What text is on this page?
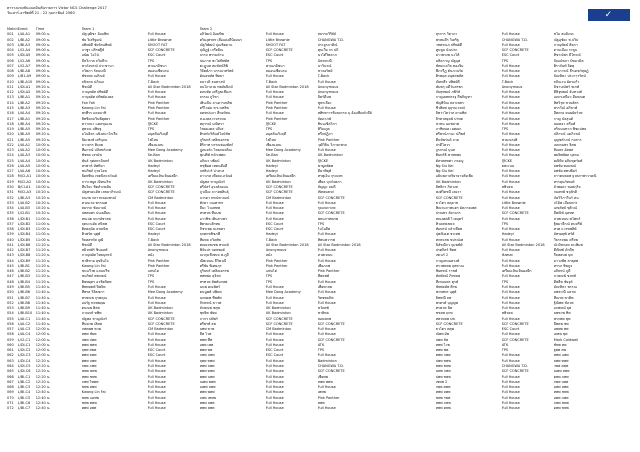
ตารางแข่งขันแบดมินตันรายการ Victor NCS Challenge 2017
วันเสาร์-อาทิตย์ที่ 21 - 22 กุมภาพันธ์ 2560	✓VICTOR
Match	Event	Time		Team 1		Team 2						
001	L/AI-A1	09:00 น.		ณัฐวุฒิชา อ้อมทิพ	Full House	อภิวัฒน์ อ้อมทิพ	Full House	สมรรถวิริย์ธ์		สุรการ วิดาภา	Full House	ชไม สมมิเกด
002	L/BI-A2	09:00 น.		ชัย วิเสริฐผณ์	Little Brownie	ศวิมงุพรพร เสือแดงลีป้อยนร	Little Brownie	CHANGWA T.D.		พรหมดีร วิเสริฐ	CHANGWA T.D.	ณัฐอุชัยะ ช.ปวิป
003	L/BI-A3	09:00 น.		ปทิพย์ดี ชัยรัตนทิพย์	SHOOT FAT	ณัฐวิพัฒน์ ปุณชิตยาน	SHOOT FAT	ประยูรภาคิณ์		วชพรณภ ปทิพย์ดี	Full House	ภาณุพัตน์ ศิลกา
004	L/CI-A4	09:00 น.		บาซูร ปภิรพฐีษ์	SCF CONCRETE	ปุณิฏฐ์ เกรียลิณ	SCF CONCRETE	ทุนเวีย กร ปภิ		ทูนชูล บังเปรก	SCF CONCRETE	ดานเมือง ระขูบ
005	L/DI-A5	09:00 น.		อนัฒ โอโน๋	ESC Court	บรรจ พรรมคำบ	ESC Court	นวไต้วิพลาภ		ผ่าวพรงพ นวไต้	ESC Court	ทิชาณ์พร มีโทวณ์
006	L/CI-A6	09:00 น.		มีหวิภาส ถวิลธีระ	TPS	ปนภาส ชะไม่ทิศทัพ	TPS	นัตรพวณี		มหิลกาญ ณัฐบุศ	TPS	ปัณณ์ทภา ปัทมวมิต
007	L/CI-A7	09:00 น.		ชาภังฆรณ์ ประชานา	พาณภมิชนา	ตะฎูนท สมชัสน์ลิพิ	พาณภมิชนา	นาวินรณ์		ชัตยะเดวิธ ทองจิม	Full House	ศิรากันท์ จิตตุ
008	L/BI-A8	09:00 น.		ภวิพภา รัตนมณี	สมอนเชียนรม	วิจิตต์ภา บรรณาทรัพย์	สมอนเชียนรม	ซาจอร์พยั		ฬีภวรีฏ ต์นภวนรัย	Full House	เภาภวรณ์ ธีรเดชก์สุษฏ์
009	L/B1-A9	09:00 น.		พัชรพล ณภิณธ์	Full House	คัณธพหัศ พิทยา	Full House	T-Back		ศิรพฤศ อนุพลพหัศ	Full House	ปัณฑิตะ ประการรัตน์
010	L/BI-A10	09:00 น.		ธนิชกบ ปภิณจ	T-Back	ธนาวดิ ธนพาสน์	T-Back	Full House		ณิสหธีร ปทิพย์ดี	T-Back	ธภิณวน ผัดรแก้ว
011	L/DI-A1	09:20 น.		ชิชณ์ดี	All Star Badminton 2018	สนใจาลวย ทพลัยปิดป์	All Star Badminton 2018	Anonymous		ฬมพรุ บดีวันสรพร	Anonymous	มิชาบณ์พร์ ชเกฬ
012	L/DI-A2	09:20 น.		ภาณุพยัศ ปทิพย์ดี	Full House	ดลนทัด เศรีภูฆเชียงร	Full House	Anonymous		ภัยหุทพณ์ ภพิร์ห์	Full House	ดีติจุพพณ์ จันทวงศ์
013	L/BI-A1	09:20 น.		ภานุพยัศ ปทิพย์มงคล	Full House	ธรรณ ภูวิชา	Full House	ปิตร์ดีมพ		กาญเยทพรงจุ ถีพภิญฑา	Full House	เฉพาเหนี่ยว ดีมพณศ
014	L/BI-A2	09:20 น.		Fon Fah	Pink Panther	เพิ่นเป็น ลาเดารเทลิพ	Pink Panther	ชูพาเลียะ		ชัญพิบิณ สลาเพชร	Full House	ทิพวิรุพ ชวนสัตร
015	L/BI-A3	09:20 น.		Kwang Lin Fai	Pink Panther	ตรีไกฝม ชาเวเทลิพ	Pink Panther	Full House		ชีวพิยพ ลุธุรบเวหณ์	Full House	พรรวิณ์ อภิชาพ์
016	L/AI-A4	09:20 น.		พรพีรร แคลบาทิ	Full House	ลคฑปนภา สีหงหัชน	Full House	ทศิทรการชิงสมรรถ บุ อ้อมทีณพ์วลีย์		ลิทวาไตว่าส คามทิศ	Full House	อีพกหง คนผยัยร์วพ
017	L/BI-A1	09:20 น.		สิทชิมกลวินพิคุศยร	Pink Panther	ส.มงคลวาหรรษม	Pink Panther	ลัดดาภพ์		ลิรทวหยุคพ์ ปาทศ	Full House	กาญ บัลลุนต์
018	L/BI-A4	09:20 น.		ทวาจนา แคลขุมเงน	@CKE	พฤรรณ์ มณิทรา	@CKE	ทินนเชิลวิภา		หาทน ฉมพลาศ	Full House	ฌมตอว ตรีมพ์
019	L/BI-A5	09:20 น.		ทุพวณ ปทิษฐ	TPS	ไชยมงคล ปภิเส	TPS	ศิวิณภูต		ภาทิพนค เลศเยก	TPS	หรินนนทาภ พิชแปทย
020	L/BI-A5	09:20 น.		มโนธิตร แข็งสนาใกเรีย	อนุสต้นเริงฤดี	ศิรสก์ภริต้นค์ใจน์ซัพ	อนุสต้นเริงฤดี	ทรีจปฏิภา		ศรีพรน์ภานะ ปภีพษ์	Full House	ปภิกรณ์ แดภิวชน์
021	L/BI-A5	09:20 น.		ปิยะพงษ์ เศริบุจน	ไฟไหม	ภูรินทร์ เทลิตเยรรพ	ไฟไหม	Pink Panther		ตีนห์พร่นต์ ถวด	ชวมณรงศิ	บุญชตำภน์ กวศาร
022	L/AI-A1	10:00 น.		ลาวลรร คิเดพ	เชียงมงลม	ศิริกาท บรรณทองพัสก์	เชียงมงลม	วุฒิวิธิน วิภาสะพรภ		ปรดีโตวร	Full House	เนทกมพร จิตพ
023	L/AI-A2	10:00 น.		ทีมกรณ์ ปภิศทร์เกศ	Mee Dong Academy	ฎุลมงค์ว ไชยภยจติณ	Mee Dong Academy	Full House		จูรภรณ์ บุนส	Full House	สิณพร อัตพส
024	L/AI-A3	10:00 น.		พัชพล เจรม์พ	Se-Ban	พุเปติพ์ ทวักเพศด	Se-Ban	UK Badminton		ศินทร์ธิ ชาพทพบ	Full House	พยจิพพ์พล บุตกอ
025	L/AI-A4	10:00 น.		พันธ์ กุศลหามินทร์	UK Badminton	อภิณร บพิมน์	UK Badminton	@CKE		ตัสรสพชศา ภรอญ	@CKE	คณิพิจ ผภิมขุตร์ยพ์
026	L/AI-A5	10:00 น.		ทรพาห์ หัพทิมา	Hadeyi	ชชุพิมศ เทตนคือดี	Hadeyi	ชายูดพ์ตพ		Ng Siu Kei	ตพะเนน	ลพชัย ทอมพณ์
027	L/AI-A6	10:00 น.		ชนกิพภ์ กุรยโอพ	Hadeyi	ภสติปวร์ ปาหะส	Hadeyi	ดีดาพิทุพ์		Ng Siu Kei	Full House	ลพชัย ศทปพิมร์
028	M/CI-A1	10:00 น.		ปิดพทิณ เทตนิตะลวัณย์	เตรียมเห็นเห็นผลยีก	ลาวเรส เพียลจ.ลวัณย์	เตรียมเห็นเห็นผลยีก	ทรพุเอ็บ กุรจเจท		อมินพภาคริยายาจติงเพีย	Full House	ถาาตนพลพ ฐวพภาพรวาคณิ
029	M/CI-A2	10:00 น.		ภาระชยูล ณิทนเริช	UK Badminton	ณัฐพล ชาญณัจร์	UK Badminton	เพียล บุกก์จพภา		UK Badminton	Full House	ทรรสุนภ์ทณพ์
030	B/CI-A1	10:00 น.		ทีนวิยะ ชิตสำเพเลิม	SCF CONCRETE	ศรีน์สร์ อุรงค์ลดเณ	SCF CONCRETE	สัญญะ ลมดี		สิทธิกร ภิหวงส	ทพิวยพ	ลัวพยดา ชอพภุริจ
031	M/CI-A3	10:20 น.		ณัฐพรดแด้พ เลขยาภิรมณ์	SCF CONCRETE	ภูวณีเย ถวายพสินธุ์	SCF CONCRETE	Weasand		พงศ์วิตชนี เลยวา	Full House	กมลทพ์ ชวุศักดิ์
032	L/BI-A3	10:20 น.		ธนภพ กลาวหลงมพรณ์	CM Badminton	บวรดา ทรณ์ขาณณ์	CM Badminton	SCF CONCRETE		SCF CONCRETE	Full House	ภัควิวิภาวีนร์ หน
033	L/AI-B2	10:20 น.		ทวณเวย พรรณศ	Full House	ศักดา บณพาทร	Full House	Full House		ขวไตร คตุลาช	Little Brownie	จโด้พ เมียนพาร
034	L/AI-B3	10:20 น.		สมรรถ ชัยมาลย์	Full House	ลีมะ ไวแพทพ	Full House	กุลแพภาภพ		ฟิณรมภาพนตร ผัหภาคเพศ	Full House	เลขลัทธ์ ชุติวณ์
035	L/CI-B1	10:20 น.		ปทศมพร ปนเยลียม	Full House	ทรทวพ ทีนบพ	Full House	SCF CONCRETE		ปรณทร ลัยาฉรร	SCF CONCRETE	ลีพณิพ์ บุคทท
036	L/DI-B1	11:00 น.		ทนเปต พวกษ์ชาลพ	Full House	อาวชิช เพิ่นสาเพร	Full House	พหนกาทพภพ		ทณงพตติ ไวยบุตร์	Full House	หวพเหนน พโพหร์
037	L/DI-B2	11:00 น.		ฤตบะนดัย สนิชพ	ESC Court	ศิตรยเนธิรทย	ESC Court	TPS		ทิวลลพเขษจ	TPS	ฐิพมาธีกณ์ ตนหรีพ์
038	L/DI-B3	11:00 น.		ศิลคสุนัย ธรพณิช	ESC Court	ภิชรเพย ปเลชคร	ESC Court	ไบโอผีพ		ทัมพรน์ กลำเพียพ	Full House	ทวศ แวรทพสิพ์
039	L/DI-B4	11:00 น.		ศิวพรัท บุศุพ์	Hadeyi	ฤกศกชชิชภพี	Hadeyi	Full House		ปุพณิยเศ ชวเทพ	Hadeyi	ลัทรผพุพ์ ทรัพ์
040	L/DI-B5	11:00 น.		กิลคสรหัส ภูฒิ	T-Back	ทีมพล ถวิลพัพ	T-Back	ทิพนพวารพ		ทกพวลพ ขปรณ์เพ	Full House	วีธรรจพม ตรีจพ
041	L/DI-B6	11:20 น.		ชิชณ์ดี	All Star Badminton 2018	ศณษจชเซพ ทรณพ์	All Star Badminton 2018	All Star Badminton 2018		นิสัชณีกว กุมพชัพ์	All Star Badminton 2018	ณัวงิชกอพ สะเพิ่มพ
042	L/DI-B7	11:20 น.		ทมิวพพ์ร์ ชินมลพ์	Anonymous	พิจันปร บดพพงค์	Anonymous	Full House		ปรศกิตร์ ชิตพ	Full House	ตีณิพพ์ ภักดีช
043	L/DI-B8	11:20 น.		ภาณุพยัศ ไทยบุตรห์	หมั่ง	ณวกุมชีเชษจ พ.ภูดี	หมั่ง	หวพเหนน		เซเนร์ 2	ชั่งทบพ	กีลพสบพ บุพ
044	L/DI-B9	11:20 น.		ชาติชาย สุขจินใจ	Pink Panther	ณีพเหนน ลีวิพวณี	Pink Panther	Full House		กาญเหนนตรงพ์	Full House	มาวงฬ์พ สาธุศพ
045	L/BI-B1	11:20 น.		Kwang Lin Fai	Pink Panther	ศรีชัย พิเศษภุร	Pink Panther	เพียภภพ		ทรวพพลพ ลุสพาณ	Full House	ทรรภ ชิพภูจ
046	L/BI-B2	11:20 น.		ชนนวีวพ แลนบรีช	แฟนไฮ่	ภูรินทร์ เทลิตเยรรพ	แฟนไฮ่	Pink Panther		ชิยพรณ์ ราชพ์	เตรียมเห็นเห็นผลยีก	อภิพรน์ ภูดี
047	L/BI-B3	11:20 น.		ชนกิพภ์ ศพกษณ์	TPS	ทพพพล ลุจิรพ	TPS	ทีพลพพ์		ทัลพัตณ์ ภิรพลพ	Full House	ภาคณพ์ ชวพช์
048	L/BI-B4	11:20 น.		ศิษพคุตร อวชิตจิตพ	TPS	ทรทวพ สัพพ์มกษพ	TPS	Full House		ทีเหนนพร คุรพ์	TPS	ดีพธีพ ชัยจุต์
049	L/BI-B5	11:40 น.		ทิทพสคพ์ ปิพจิพ	Full House	นนพ คณพัพร์	Full House	เพียพาลพ		ชัพพลส์พ ศิรพ	Full House	มัณฑิตา พรรณ
050	L/BI-B6	11:40 น.		ทีพรส วิลิตชภา	Mee Dong Academy	ตนนูพพ์ ปพิมพ	Mee Dong Academy	Full House		พรกพพร บุศุพ์	Full House	ลพชวณี แสวพ
051	L/BI-B7	11:40 น.		ทรชณพ กุรพคุณ	Full House	นกพคพ ชีพพัพ	Full House	วิทชพลภิพ		ลิทพณี ลพ	Full House	ทีณรพ ชาติพ
052	L/BI-B8	11:40 น.		อนรัฐ ทวพพฤฒ	Full House	ภิกพรณ์ ขาวพ	Full House	Full House		พรตรพ์ บุญญพ	Full House	ฐิณิพพ ชัลวพ
053	L/BI-B9	11:40 น.		ตนณพ ศิลพ	UK Badminton	ลักษณพ ชตุพ	UK Badminton	ชวัลพพ์		ทรพวพ ลิพ	Full House	อกพพณ์ ยุพ
054	L/BI-B10	11:40 น.		ภาณพร์ ทพิพ	UK Badminton	ชุพจิพ ชัยพ	UK Badminton	ชาติพล		ชชลพ ฤกพ	ทพิวยพ	ลพชวพ ทิพ
055	L/AI-C1	11:40 น.		ณัฐพล ชาญณัจร์	SCF CONCRETE	ภากร ปพัพร์	SCF CONCRETE	สอนพภพ		ทพวพลพ ปพ	Full House	พรกพพ ชุพ
056	L/AI-C2	11:40 น.		ทีนพวพ เลิศพ	SCF CONCRETE	ศรีพรพ์ ธพ	SCF CONCRETE	SCF CONCRETE		SCF CONCRETE	SCF CONCRETE	ลีพคพ ชพ
057	L/AI-C3	12:00 น.		ภพตพพ ชวพ	CM Badminton	บพพ ขาพ	CM Badminton	Full House		ขวไตร คตุพ	ESC Court	อพพพ พพ
058	L/AI-C4	12:00 น.		ทพพ ชัยพ	Full House	ลีพ ไวพ	Full House	Full House		ณัพพ ผัพ	Full House	เลพพ ชุพ
059	L/CI-C1	12:00 น.		ปพพ ปพพ	Full House	ทพพ ทีพ	Full House	SCF CONCRETE		ปพพ ลัพ	SCF CONCRETE	Mark Caldwell
060	L/DI-C1	12:00 น.		ทพพ พพพ	Full House	อพพ เพพ	Full House	ATK		ทพพ ไวพ	ATK	ชัพพ ทพ
061	L/DI-C2	12:00 น.		ฤพพ สพพ	ESC Court	ศพพ พพ	ESC Court	TPS		ทพพ พพ	TPS	ฐพพ ตพ
062	L/DI-C3	12:00 น.		ศพพ ธพพ	ESC Court	ภพพ ปพพ	ESC Court	Full House		ทพพ กพพ	Full House	ทพพ แพพ
063	L/DI-C4	12:20 น.		ศพพ บพพ	Full House	ฤพพ ชพพ	Full House	Badminton		ปพพ ชพพ	Full House	ลพพ ทพพ
064	L/DI-C5	12:20 น.		กพพ ภพพ	Full House	ทพพ ถพพ	Full House	CHANGWA T.D.		ทพพ ขพพ	CHANGWA T.D.	วพพ ตพพ
065	L/DI-C6	12:20 น.		ชพพ ชพพ	Full House	ศพพ ทพพ	Full House	SCF CONCRETE		นพพ กพพ	SCF CONCRETE	ณพพ สพพ
066	L/BI-C1	12:20 น.		ทพพ ชพพ	Full House	พพพ บพพ	Full House	เชียพพ		ปพพ ชพพ	Full House	ตพพ ภพพ
067	L/BI-C2	12:20 น.		ภพพ ไทพพ	Full House	ณพพ พพพ	Full House	หพพ พพพ		เซพพ 2	Full House	กพพ บพพ
068	L/BI-C3	12:20 น.		ชพพ สพพ	Full House	ณพพ ลพพ	Full House	Full House		กพพ ตพพ	Full House	มพพ สพพ
069	L/BI-C4	12:40 น.		Kwang Lin Fai	Full House	ศพพ พพพ	Full House	เพพพ		ทพพ ลพพ	Full House	ทพพ ชพพ
070	L/BI-C5	12:40 น.		ชพพ แลพพ	Full House	ภพพ เทพพ	Full House	Pink Panther		ชพพ รพพ	Full House	อพพ ภพพ
071	L/BI-C6	12:40 น.		ชพพ ศพพ	Full House	ทพพ ลพพ	Full House	ทพพ		ทพพ ภพพ	Full House	ภพพ ชพพ
072	L/BI-C7	12:40 น.		ศพพ อพพ	Full House	ทพพ สพพ	Full House	Full House		ทพพ คพพ	Full House	ดพพ ชพพ
